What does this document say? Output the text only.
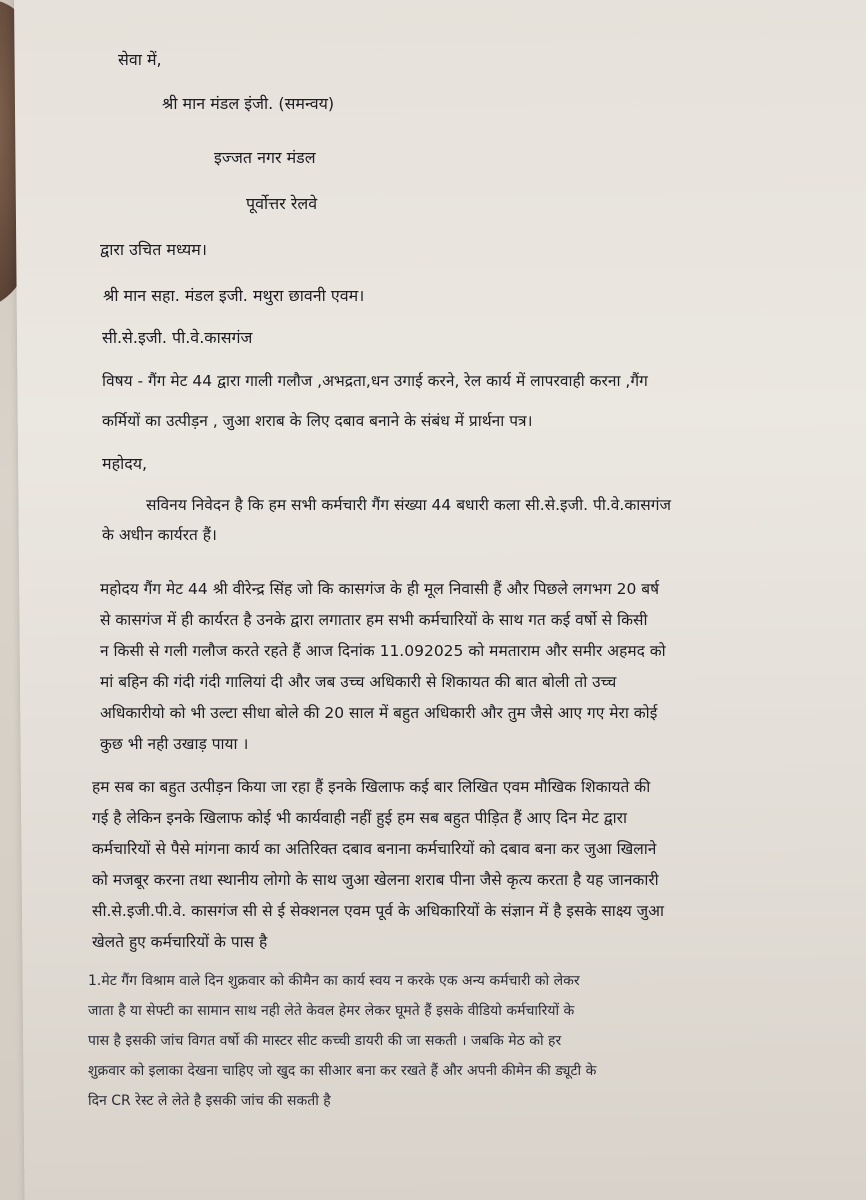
सेवा में,
श्री मान मंडल इंजी. (समन्वय)
इज्जत नगर मंडल
पूर्वोत्तर रेलवे
द्वारा उचित मध्यम।
श्री मान सहा. मंडल इजी. मथुरा छावनी एवम।
सी.से.इजी. पी.वे.कासगंज
विषय - गैंग मेट 44 द्वारा गाली गलौज ,अभद्रता,धन उगाई करने, रेल कार्य में लापरवाही करना ,गैंग
कर्मियों का उत्पीड़न , जुआ शराब के लिए दबाव बनाने के संबंध में प्रार्थना पत्र।
महोदय,
सविनय निवेदन है कि हम सभी कर्मचारी गैंग संख्या 44 बधारी कला सी.से.इजी. पी.वे.कासगंज
के अधीन कार्यरत हैं।
महोदय गैंग मेट 44 श्री वीरेन्द्र सिंह जो कि कासगंज के ही मूल निवासी हैं और पिछले लगभग 20 बर्ष
से कासगंज में ही कार्यरत है उनके द्वारा लगातार हम सभी कर्मचारियों के साथ गत कई वर्षो से किसी
न किसी से गली गलौज करते रहते हैं आज दिनांक 11.092025 को ममताराम और समीर अहमद को
मां बहिन की गंदी गंदी गालियां दी और जब उच्च अधिकारी से शिकायत की बात बोली तो उच्च
अधिकारीयो को भी उल्टा सीधा बोले की 20 साल में बहुत अधिकारी और तुम जैसे आए गए मेरा कोई
कुछ भी नही उखाड़ पाया ।
हम सब का बहुत उत्पीड़न किया जा रहा हैं इनके खिलाफ कई बार लिखित एवम मौखिक शिकायते की
गई है लेकिन इनके खिलाफ कोई भी कार्यवाही नहीं हुई हम सब बहुत पीड़ित हैं आए दिन मेट द्वारा
कर्मचारियों से पैसे मांगना कार्य का अतिरिक्त दबाव बनाना कर्मचारियों को दबाव बना कर जुआ खिलाने
को मजबूर करना तथा स्थानीय लोगो के साथ जुआ खेलना शराब पीना जैसे कृत्य करता है यह जानकारी
सी.से.इजी.पी.वे. कासगंज सी से ई सेक्शनल एवम पूर्व के अधिकारियों के संज्ञान में है इसके साक्ष्य जुआ
खेलते हुए कर्मचारियों के पास है
1.मेट गैंग विश्राम वाले दिन शुक्रवार को कीमैन का कार्य स्वय न करके एक अन्य कर्मचारी को लेकर
जाता है या सेफ्टी का सामान साथ नही लेते केवल हेमर लेकर घूमते हैं इसके वीडियो कर्मचारियों के
पास है इसकी जांच विगत वर्षो की मास्टर सीट कच्ची डायरी की जा सकती । जबकि मेठ को हर
शुक्रवार को इलाका देखना चाहिए जो खुद का सीआर बना कर रखते हैं और अपनी कीमेन की ड्यूटी के
दिन CR रेस्ट ले लेते है इसकी जांच की सकती है
